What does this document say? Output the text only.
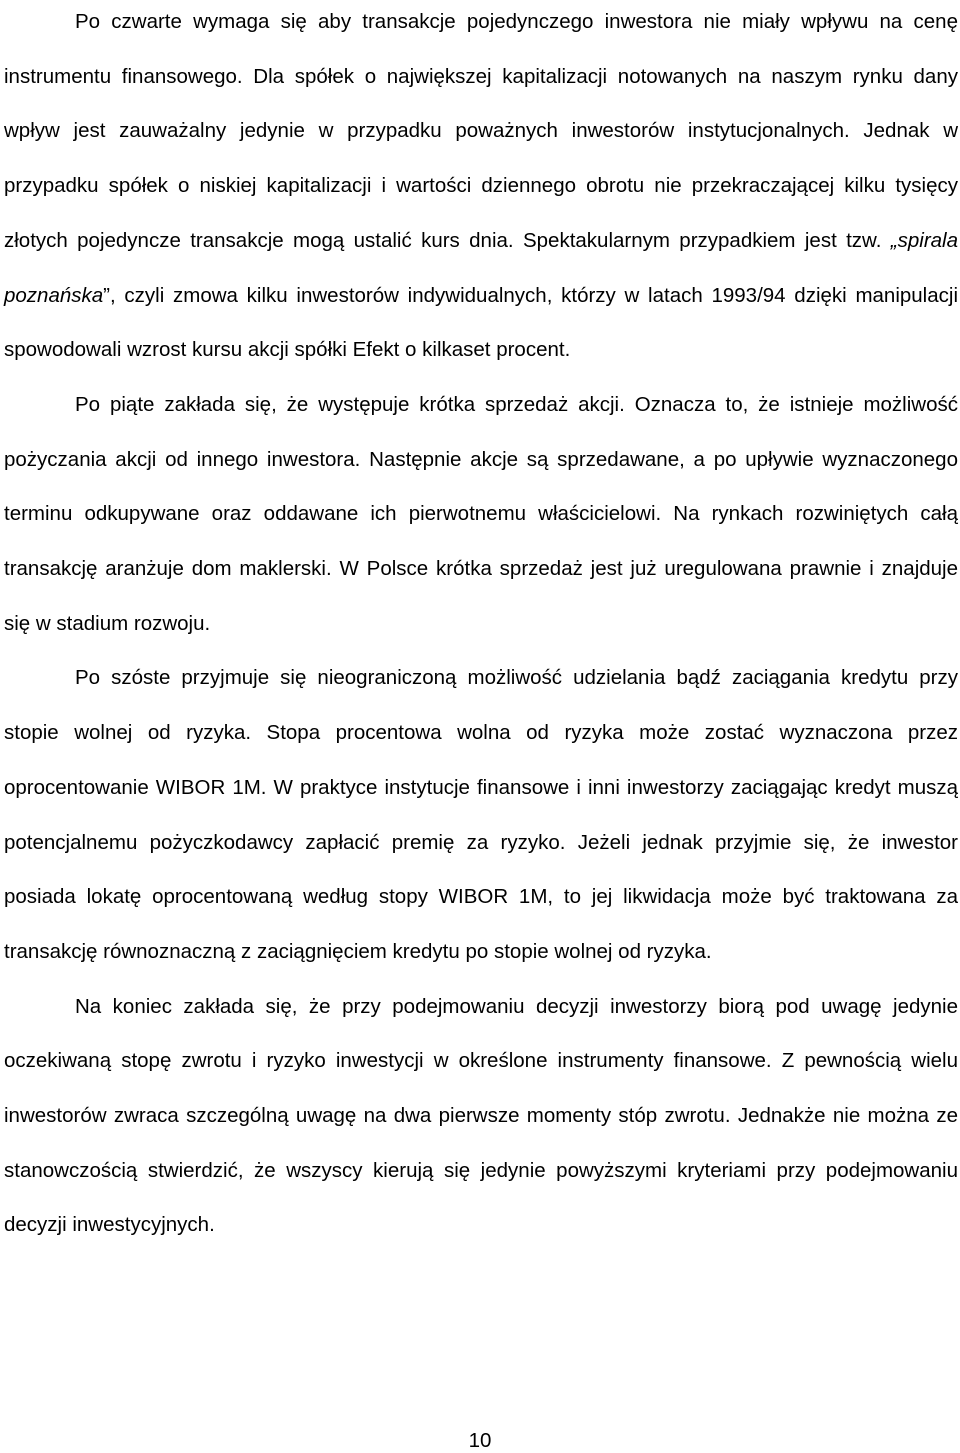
Po czwarte wymaga się aby transakcje pojedynczego inwestora nie miały wpływu na cenę instrumentu finansowego. Dla spółek o największej kapitalizacji notowanych na naszym rynku dany wpływ jest zauważalny jedynie w przypadku poważnych inwestorów instytucjonalnych. Jednak w przypadku spółek o niskiej kapitalizacji i wartości dziennego obrotu nie przekraczającej kilku tysięcy złotych pojedyncze transakcje mogą ustalić kurs dnia. Spektakularnym przypadkiem jest tzw. „spirala poznańska”, czyli zmowa kilku inwestorów indywidualnych, którzy w latach 1993/94 dzięki manipulacji spowodowali wzrost kursu akcji spółki Efekt o kilkaset procent.

Po piąte zakłada się, że występuje krótka sprzedaż akcji. Oznacza to, że istnieje możliwość pożyczania akcji od innego inwestora. Następnie akcje są sprzedawane, a po upływie wyznaczonego terminu odkupywane oraz oddawane ich pierwotnemu właścicielowi. Na rynkach rozwiniętych całą transakcję aranżuje dom maklerski. W Polsce krótka sprzedaż jest już uregulowana prawnie i znajduje się w stadium rozwoju.

Po szóste przyjmuje się nieograniczoną możliwość udzielania bądź zaciągania kredytu przy stopie wolnej od ryzyka. Stopa procentowa wolna od ryzyka może zostać wyznaczona przez oprocentowanie WIBOR 1M. W praktyce instytucje finansowe i inni inwestorzy zaciągając kredyt muszą potencjalnemu pożyczkodawcy zapłacić premię za ryzyko. Jeżeli jednak przyjmie się, że inwestor posiada lokatę oprocentowaną według stopy WIBOR 1M, to jej likwidacja może być traktowana za transakcję równoznaczną z zaciągnięciem kredytu po stopie wolnej od ryzyka.

Na koniec zakłada się, że przy podejmowaniu decyzji inwestorzy biorą pod uwagę jedynie oczekiwaną stopę zwrotu i ryzyko inwestycji w określone instrumenty finansowe. Z pewnością wielu inwestorów zwraca szczególną uwagę na dwa pierwsze momenty stóp zwrotu. Jednakże nie można ze stanowczością stwierdzić, że wszyscy kierują się jedynie powyższymi kryteriami przy podejmowaniu decyzji inwestycyjnych.

10
